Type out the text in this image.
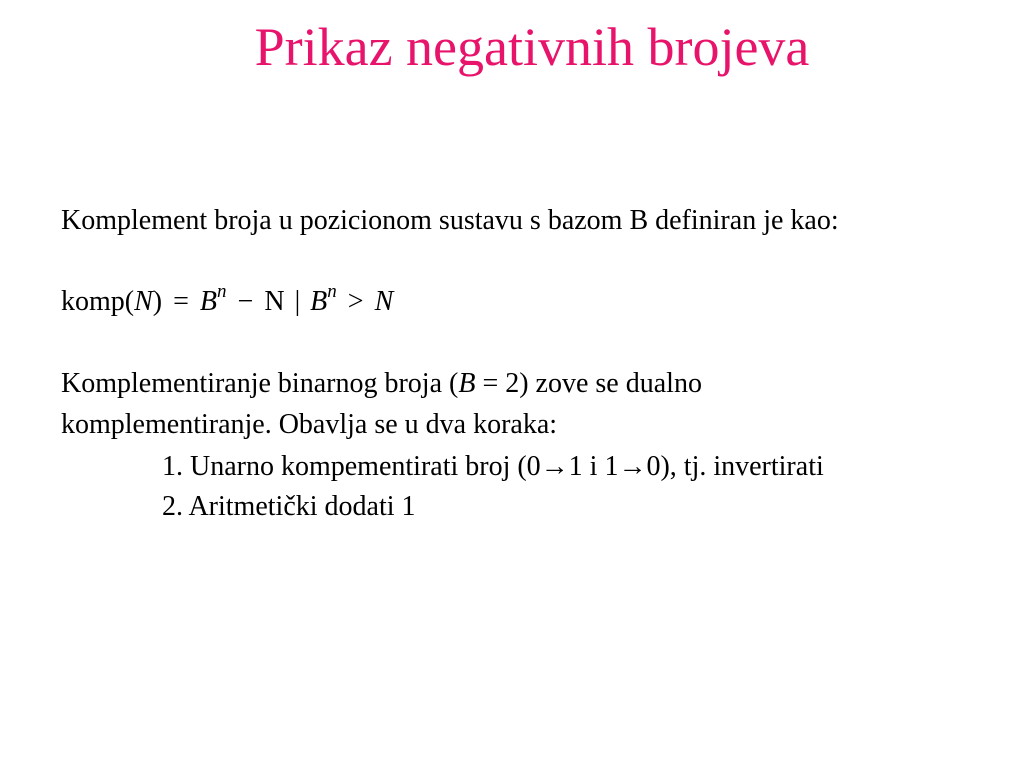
Prikaz negativnih brojeva
Komplement broja u pozicionom sustavu s bazom B definiran je kao:
komp(N) = $B^n - N$ | $B^n > N$
Komplementiranje binarnog broja (B = 2) zove se dualno
komplementiranje. Obavlja se u dva koraka:
1. Unarno kompementirati broj (0→1 i 1→0), tj. invertirati
2. Aritmetički dodati 1
